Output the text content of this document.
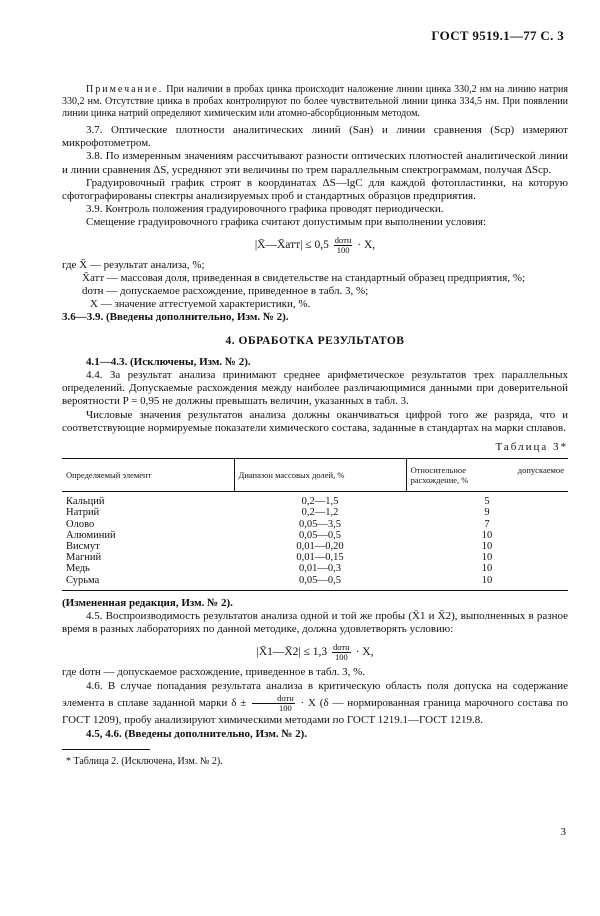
ГОСТ 9519.1—77 С. 3

Примечание. При наличии в пробах цинка происходит наложение линии цинка 330,2 нм на линию натрия 330,2 нм. Отсутствие цинка в пробах контролируют по более чувствительной линии цинка 334,5 нм. При появлении линии цинка натрий определяют химическим или атомно-абсорбционным методом.

3.7. Оптические плотности аналитических линий (Sан) и линии сравнения (Sср) измеряют микрофотометром.

3.8. По измеренным значениям рассчитывают разности оптических плотностей аналитической линии и линии сравнения ΔS, усредняют эти величины по трем параллельным спектрограммам, получая ΔSср.

Градуировочный график строят в координатах ΔS—lgC для каждой фотопластинки, на которую сфотографированы спектры анализируемых проб и стандартных образцов предприятия.

3.9. Контроль положения градуировочного графика проводят периодически.

Смещение градуировочного графика считают допустимым при выполнении условия:

|X̄—X̄атт| ≤ $0,5 \frac{\text{dотн}}{100} \cdot X$,

где X̄ — результат анализа, %;

X̄атт — массовая доля, приведенная в свидетельстве на стандартный образец предприятия, %;

dотн — допускаемое расхождение, приведенное в табл. 3, %;

X — значение аттестуемой характеристики, %.

3.6—3.9. (Введены дополнительно, Изм. № 2).

4. ОБРАБОТКА РЕЗУЛЬТАТОВ

4.1—4.3. (Исключены, Изм. № 2).

4.4. За результат анализа принимают среднее арифметическое результатов трех параллельных определений. Допускаемые расхождения между наиболее различающимися данными при доверительной вероятности P = 0,95 не должны превышать величин, указанных в табл. 3.

Числовые значения результатов анализа должны оканчиваться цифрой того же разряда, что и соответствующие нормируемые показатели химического состава, заданные в стандартах на марки сплавов.

Таблица 3*
Определяемый элемент	Диапазон массовых долей, %	Относительное допускаемое расхождение, %
Кальций	0,2—1,5	5
Натрий	0,2—1,2	9
Олово	0,05—3,5	7
Алюминий	0,05—0,5	10
Висмут	0,01—0,20	10
Магний	0,01—0,15	10
Медь	0,01—0,3	10
Сурьма	0,05—0,5	10

(Измененная редакция, Изм. № 2).

4.5. Воспроизводимость результатов анализа одной и той же пробы (X̄1 и X̄2), выполненных в разное время в разных лабораториях по данной методике, должна удовлетворять условию:

|X̄1—X̄2| ≤ $1,3 \frac{\text{dотн}}{100} \cdot X$,

где dотн — допускаемое расхождение, приведенное в табл. 3, %.

4.6. В случае попадания результата анализа в критическую область поля допуска на содержание элемента в сплаве заданной марки $\delta \pm \frac{\text{dотн}}{100} \cdot X$ (δ — нормированная граница марочного состава по ГОСТ 1209), пробу анализируют химическими методами по ГОСТ 1219.1—ГОСТ 1219.8.

4.5, 4.6. (Введены дополнительно, Изм. № 2).

* Таблица 2. (Исключена, Изм. № 2).

3
